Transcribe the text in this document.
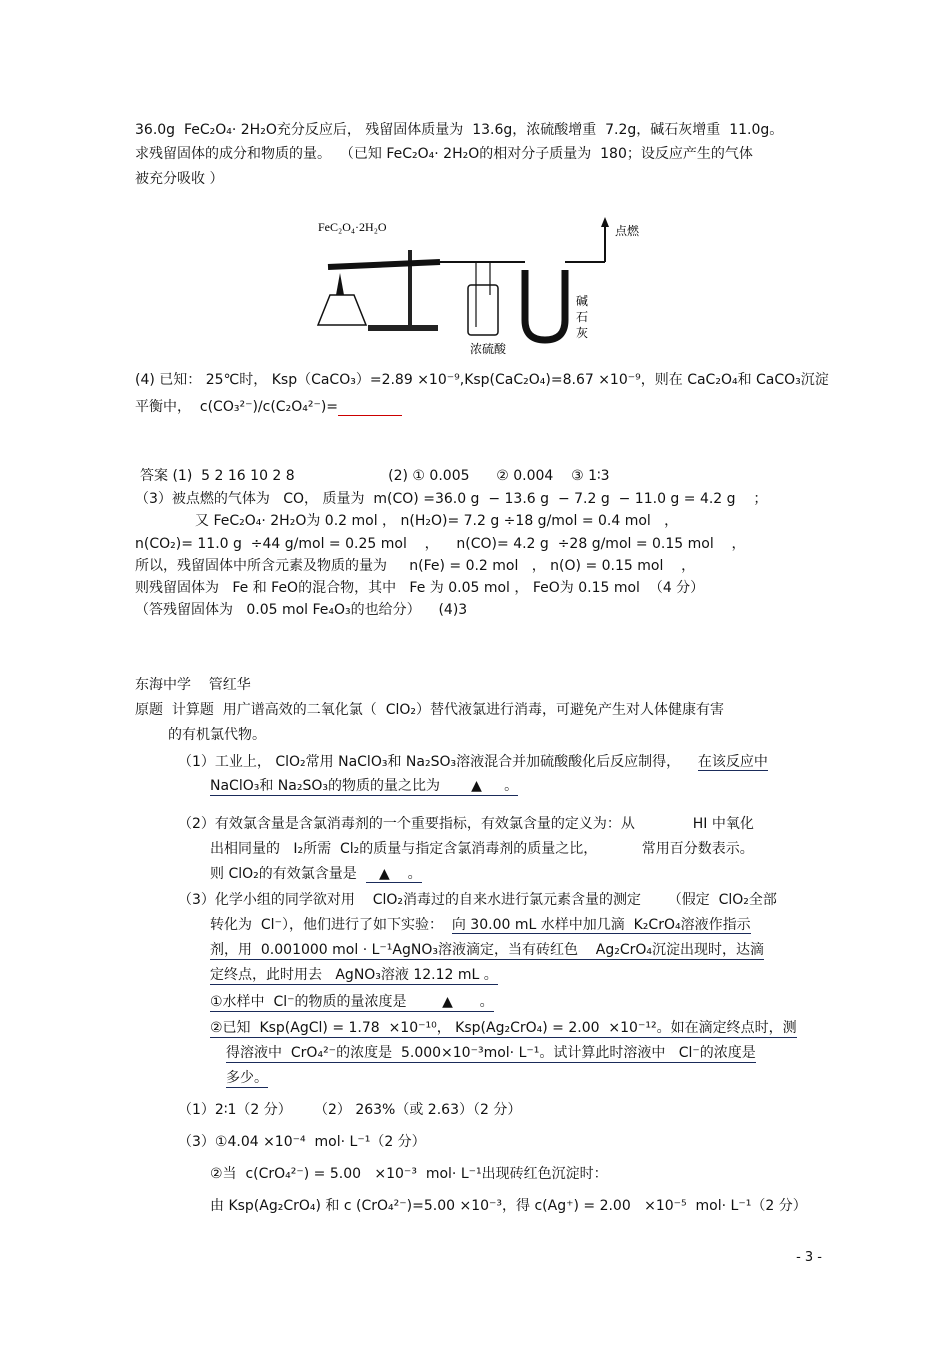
36.0g  FeC₂O₄· 2H₂O充分反应后， 残留固体质量为  13.6g，浓硫酸增重  7.2g，碱石灰增重  11.0g。
求残留固体的成分和物质的量。  （已知 FeC₂O₄· 2H₂O的相对分子质量为  180；设反应产生的气体
被充分吸收 ）
FeC₂O₄·2H₂O
浓硫酸
点燃
碱
石
灰
(4) 已知： 25℃时， Ksp（CaCO₃）=2.89 ×10⁻⁹,Ksp(CaC₂O₄)=8.67 ×10⁻⁹，则在 CaC₂O₄和 CaCO₃沉淀
平衡中，  c(CO₃²⁻)/c(C₂O₄²⁻)=
答案 (1)  5 2 16 10 2 8                     (2) ① 0.005      ② 0.004    ③ 1∶3
（3）被点燃的气体为   CO， 质量为  m(CO) =36.0 g  − 13.6 g  − 7.2 g  − 11.0 g = 4.2 g    ；
又 FeC₂O₄· 2H₂O为 0.2 mol ， n(H₂O)= 7.2 g ÷18 g/mol = 0.4 mol   ，
n(CO₂)= 11.0 g  ÷44 g/mol = 0.25 mol    ，    n(CO)= 4.2 g  ÷28 g/mol = 0.15 mol    ，
所以，残留固体中所含元素及物质的量为     n(Fe) = 0.2 mol   ， n(O) = 0.15 mol    ，
则残留固体为   Fe 和 FeO的混合物，其中   Fe 为 0.05 mol ， FeO为 0.15 mol  （4 分）
（答残留固体为   0.05 mol Fe₄O₃的也给分）    (4)3
东海中学    管红华
原题  计算题  用广谱高效的二氧化氯（  ClO₂）替代液氯进行消毒，可避免产生对人体健康有害
的有机氯代物。
（1）工业上， ClO₂常用 NaClO₃和 Na₂SO₃溶液混合并加硫酸酸化后反应制得， 在该反应中
NaClO₃和 Na₂SO₃的物质的量之比为       ▲     。
（2）有效氯含量是含氯消毒剂的一个重要指标，有效氯含量的定义为：从             HI 中氧化
出相同量的   I₂所需  Cl₂的质量与指定含氯消毒剂的质量之比，          常用百分数表示。
则 ClO₂的有效氯含量是     ▲    。
（3）化学小组的同学欲对用    ClO₂消毒过的自来水进行氯元素含量的测定      （假定  ClO₂全部
转化为  Cl⁻），他们进行了如下实验：  向 30.00 mL 水样中加几滴  K₂CrO₄溶液作指示
剂，用  0.001000 mol · L⁻¹AgNO₃溶液滴定，当有砖红色    Ag₂CrO₄沉淀出现时，达滴
定终点，此时用去   AgNO₃溶液 12.12 mL 。
①水样中  Cl⁻的物质的量浓度是        ▲      。
②已知  Ksp(AgCl) = 1.78  ×10⁻¹⁰， Ksp(Ag₂CrO₄) = 2.00  ×10⁻¹²。如在滴定终点时，测
得溶液中  CrO₄²⁻的浓度是  5.000×10⁻³mol· L⁻¹。试计算此时溶液中   Cl⁻的浓度是
多少。
（1）2∶1（2 分）     （2） 263%（或 2.63）（2 分）
（3）①4.04 ×10⁻⁴  mol· L⁻¹（2 分）
②当  c(CrO₄²⁻) = 5.00   ×10⁻³  mol· L⁻¹出现砖红色沉淀时：
由 Ksp(Ag₂CrO₄) 和 c (CrO₄²⁻)=5.00 ×10⁻³，得 c(Ag⁺) = 2.00   ×10⁻⁵  mol· L⁻¹（2 分）
- 3 -
